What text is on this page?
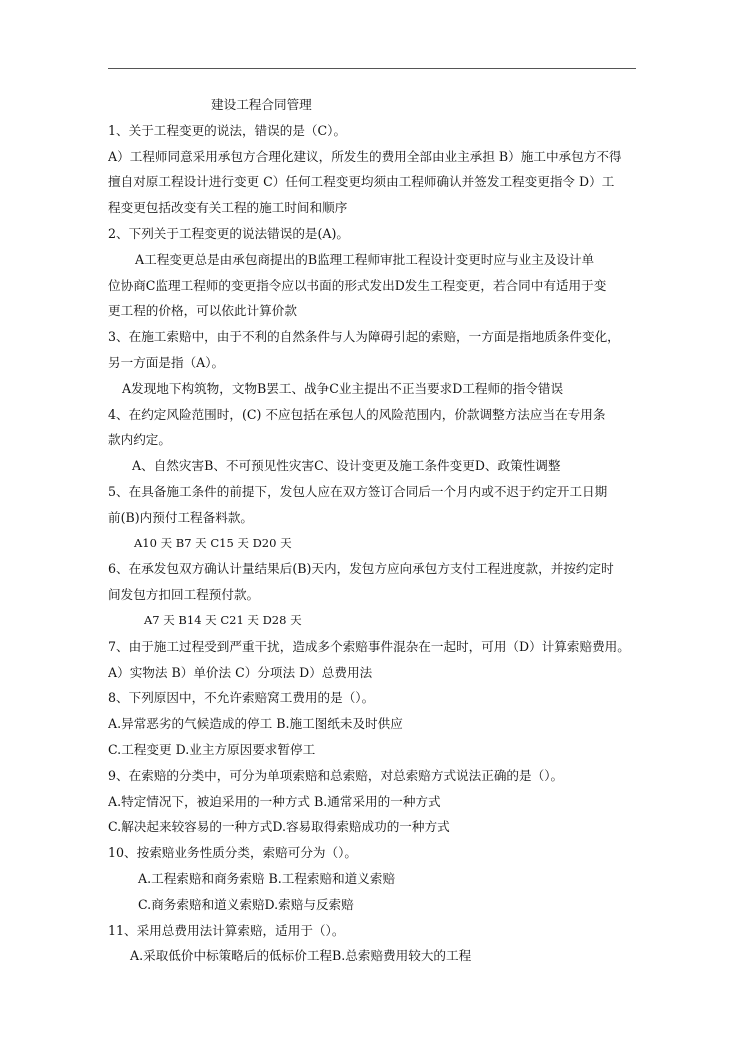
建设工程合同管理
1、关于工程变更的说法，错误的是（C）。
A）工程师同意采用承包方合理化建议，所发生的费用全部由业主承担 B）施工中承包方不得
擅自对原工程设计进行变更 C）任何工程变更均须由工程师确认并签发工程变更指令 D）工
程变更包括改变有关工程的施工时间和顺序
2、下列关于工程变更的说法错误的是(A)。
A工程变更总是由承包商提出的B监理工程师审批工程设计变更时应与业主及设计单
位协商C监理工程师的变更指令应以书面的形式发出D发生工程变更，若合同中有适用于变
更工程的价格，可以依此计算价款
3、在施工索赔中，由于不利的自然条件与人为障碍引起的索赔，一方面是指地质条件变化，
另一方面是指（A）。
A发现地下构筑物，文物B罢工、战争C业主提出不正当要求D工程师的指令错误
4、在约定风险范围时，(C) 不应包括在承包人的风险范围内，价款调整方法应当在专用条
款内约定。
A、自然灾害B、不可预见性灾害C、设计变更及施工条件变更D、政策性调整
5、在具备施工条件的前提下，发包人应在双方签订合同后一个月内或不迟于约定开工日期
前(B)内预付工程备料款。
A10 天 B7 天 C15 天 D20 天
6、在承发包双方确认计量结果后(B)天内，发包方应向承包方支付工程进度款，并按约定时
间发包方扣回工程预付款。
A7 天 B14 天 C21 天 D28 天
7、由于施工过程受到严重干扰，造成多个索赔事件混杂在一起时，可用（D）计算索赔费用。
A）实物法 B）单价法 C）分项法 D）总费用法
8、下列原因中，不允许索赔窝工费用的是（）。
A.异常恶劣的气候造成的停工 B.施工图纸未及时供应
C.工程变更 D.业主方原因要求暂停工
9、在索赔的分类中，可分为单项索赔和总索赔，对总索赔方式说法正确的是（）。
A.特定情况下，被迫采用的一种方式 B.通常采用的一种方式
C.解决起来较容易的一种方式D.容易取得索赔成功的一种方式
10、按索赔业务性质分类，索赔可分为（）。
A.工程索赔和商务索赔 B.工程索赔和道义索赔
C.商务索赔和道义索赔D.索赔与反索赔
11、采用总费用法计算索赔，适用于（）。
A.采取低价中标策略后的低标价工程B.总索赔费用较大的工程
